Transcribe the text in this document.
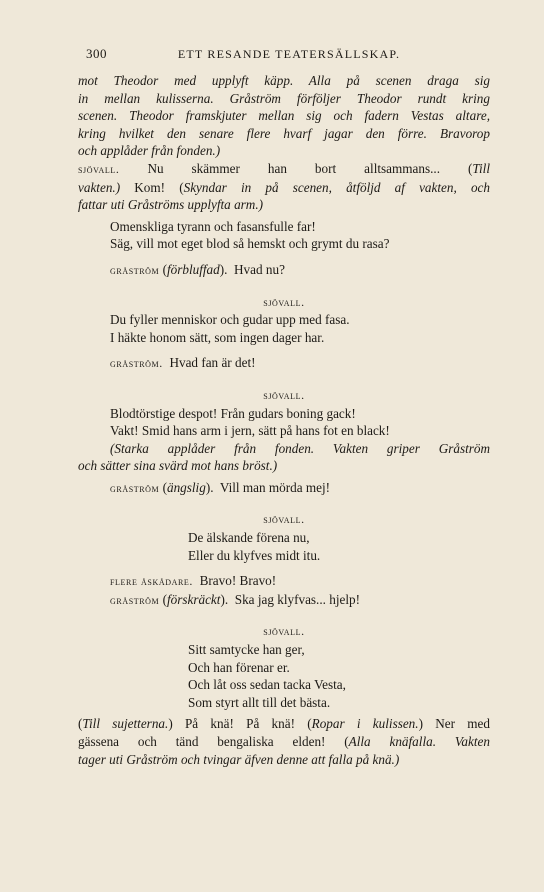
300	ETT RESANDE TEATERSÄLLSKAP.

mot Theodor med upplyft käpp. Alla på scenen draga sig

in mellan kulisserna. Gråström förföljer Theodor rundt kring

scenen. Theodor framskjuter mellan sig och fadern Vestas altare,

kring hvilket den senare flere hvarf jagar den förre. Bravorop

och applåder från fonden.)

sjövall. Nu skämmer han bort alltsammans... (Till

vakten.) Kom! (Skyndar in på scenen, åtföljd af vakten, och

fattar uti Gråströms upplyfta arm.)

Omenskliga tyrann och fasansfulle far!

Säg, vill mot eget blod så hemskt och grymt du rasa?

gråström (förbluffad).  Hvad nu?

sjövall.

Du fyller menniskor och gudar upp med fasa.

I häkte honom sätt, som ingen dager har.

gråström. Hvad fan är det!

sjövall.

Blodtörstige despot! Från gudars boning gack!

Vakt! Smid hans arm i jern, sätt på hans fot en black!

(Starka applåder från fonden. Vakten griper Gråström

och sätter sina svärd mot hans bröst.)

gråström (ängslig).  Vill man mörda mej!

sjövall.

De älskande förena nu,

Eller du klyfves midt itu.

flere åskådare. Bravo! Bravo!

gråström (förskräckt).  Ska jag klyfvas... hjelp!

sjövall.

Sitt samtycke han ger,

Och han förenar er.

Och låt oss sedan tacka Vesta,

Som styrt allt till det bästa.

(Till sujetterna.) På knä! På knä! (Ropar i kulissen.) Ner med

gässena och tänd bengaliska elden! (Alla knäfalla. Vakten

tager uti Gråström och tvingar äfven denne att falla på knä.)
